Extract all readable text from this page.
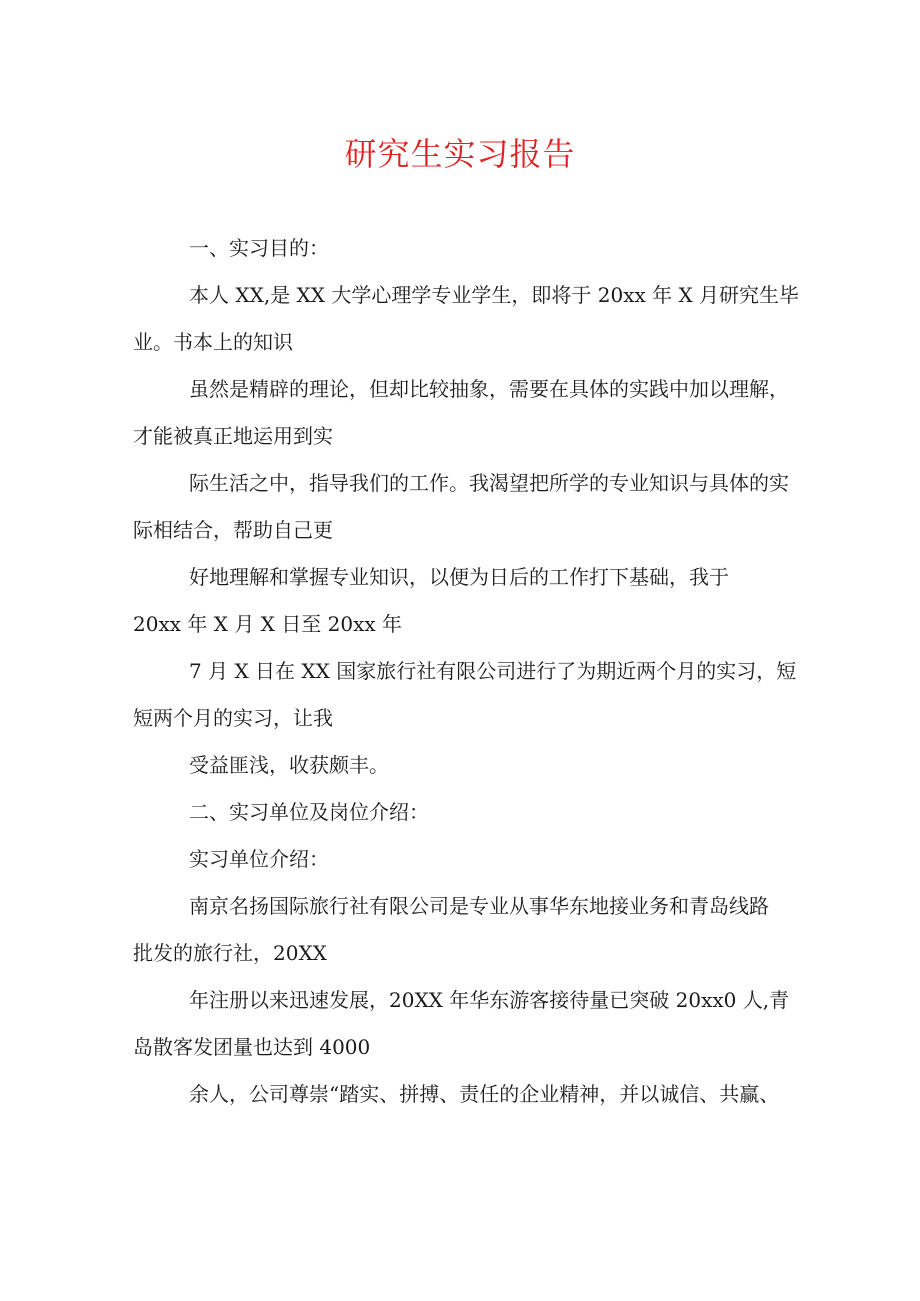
研究生实习报告

一、实习目的：

本人 XX,是 XX 大学心理学专业学生，即将于 20xx 年 X 月研究生毕
业。书本上的知识

虽然是精辟的理论，但却比较抽象，需要在具体的实践中加以理解，
才能被真正地运用到实

际生活之中，指导我们的工作。我渴望把所学的专业知识与具体的实
际相结合，帮助自己更

好地理解和掌握专业知识，以便为日后的工作打下基础，我于
20xx 年 X 月 X 日至 20xx 年

7 月 X 日在 XX 国家旅行社有限公司进行了为期近两个月的实习，短
短两个月的实习，让我

受益匪浅，收获颇丰。

二、实习单位及岗位介绍：

实习单位介绍：

南京名扬国际旅行社有限公司是专业从事华东地接业务和青岛线路
批发的旅行社，20XX

年注册以来迅速发展，20XX 年华东游客接待量已突破 20xx0 人,青
岛散客发团量也达到 4000

余人，公司尊崇“踏实、拼搏、责任的企业精神，并以诚信、共赢、
